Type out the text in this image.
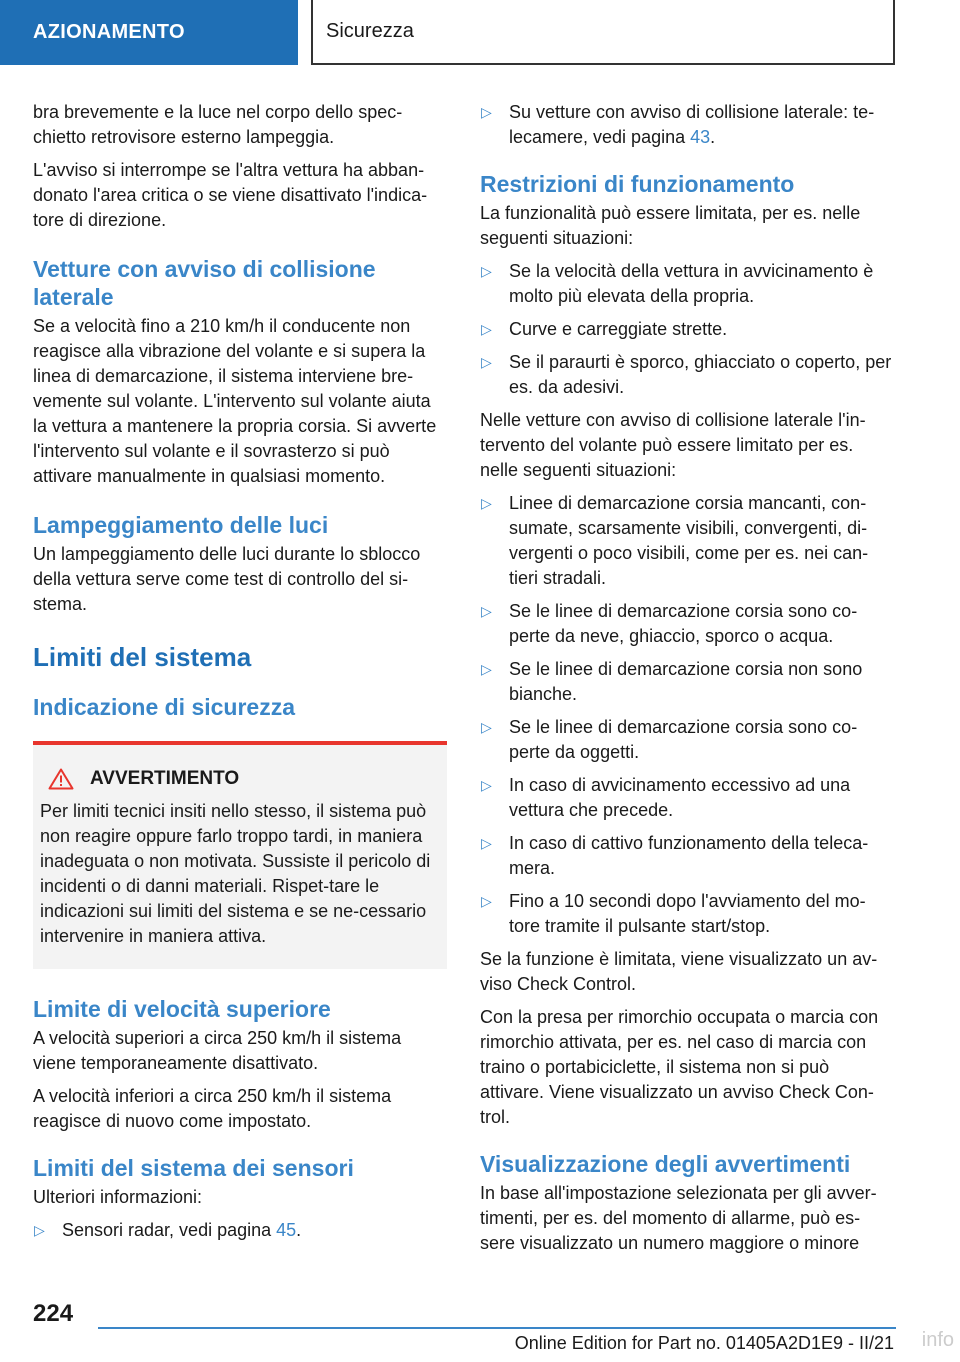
AZIONAMENTO	Sicurezza

bra brevemente e la luce nel corpo dello spec-chietto retrovisore esterno lampeggia.

L'avviso si interrompe se l'altra vettura ha abban-donato l'area critica o se viene disattivato l'indica-tore di direzione.

Vetture con avviso di collisione laterale

Se a velocità fino a 210 km/h il conducente non reagisce alla vibrazione del volante e si supera la linea di demarcazione, il sistema interviene bre-vemente sul volante. L'intervento sul volante aiuta la vettura a mantenere la propria corsia. Si avverte l'intervento sul volante e il sovrasterzo si può attivare manualmente in qualsiasi momento.

Lampeggiamento delle luci

Un lampeggiamento delle luci durante lo sblocco della vettura serve come test di controllo del si-stema.

Limiti del sistema
Indicazione di sicurezza
AVVERTIMENTO

Per limiti tecnici insiti nello stesso, il sistema può non reagire oppure farlo troppo tardi, in maniera inadeguata o non motivata. Sussiste il pericolo di incidenti o di danni materiali. Rispet-tare le indicazioni sui limiti del sistema e se ne-cessario intervenire in maniera attiva.

Limite di velocità superiore

A velocità superiori a circa 250 km/h il sistema viene temporaneamente disattivato.

A velocità inferiori a circa 250 km/h il sistema reagisce di nuovo come impostato.

Limiti del sistema dei sensori

Ulteriori informazioni:

▷ Sensori radar, vedi pagina 45.
▷ Su vetture con avviso di collisione laterale: te-lecamere, vedi pagina 43.
Restrizioni di funzionamento

La funzionalità può essere limitata, per es. nelle seguenti situazioni:

▷ Se la velocità della vettura in avvicinamento è molto più elevata della propria.
▷ Curve e carreggiate strette.
▷ Se il paraurti è sporco, ghiacciato o coperto, per es. da adesivi.

Nelle vetture con avviso di collisione laterale l'in-tervento del volante può essere limitato per es. nelle seguenti situazioni:

▷ Linee di demarcazione corsia mancanti, con-sumate, scarsamente visibili, convergenti, di-vergenti o poco visibili, come per es. nei can-tieri stradali.
▷ Se le linee di demarcazione corsia sono co-perte da neve, ghiaccio, sporco o acqua.
▷ Se le linee di demarcazione corsia non sono bianche.
▷ Se le linee di demarcazione corsia sono co-perte da oggetti.
▷ In caso di avvicinamento eccessivo ad una vettura che precede.
▷ In caso di cattivo funzionamento della teleca-mera.
▷ Fino a 10 secondi dopo l'avviamento del mo-tore tramite il pulsante start/stop.

Se la funzione è limitata, viene visualizzato un av-viso Check Control.

Con la presa per rimorchio occupata o marcia con rimorchio attivata, per es. nel caso di marcia con traino o portabiciclette, il sistema non si può attivare. Viene visualizzato un avviso Check Con-trol.

Visualizzazione degli avvertimenti

In base all'impostazione selezionata per gli avver-timenti, per es. del momento di allarme, può es-sere visualizzato un numero maggiore o minore

224
Online Edition for Part no. 01405A2D1E9 - II/21 info
